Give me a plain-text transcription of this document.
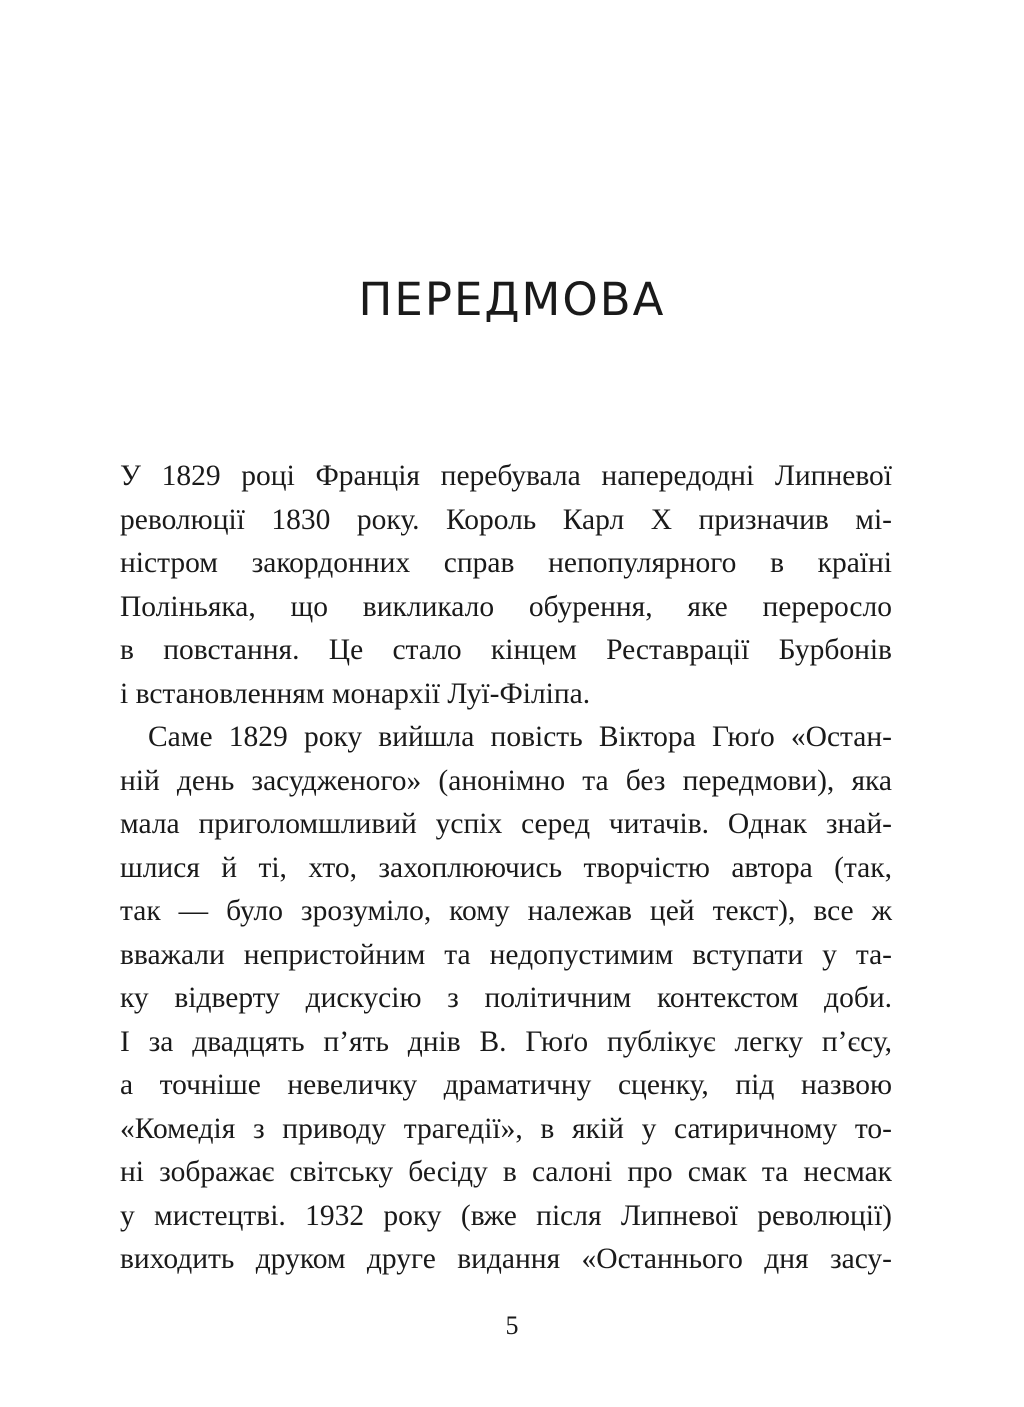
ПЕРЕДМОВА
У 1829 році Франція перебувала напередодні Липневої
революції 1830 року. Король Карл Х призначив мі-
ністром закордонних справ непопулярного в країні
Поліньяка, що викликало обурення, яке переросло
в повстання. Це стало кінцем Реставрації Бурбонів
і встановленням монархії Луї-Філіпа.
Саме 1829 року вийшла повість Віктора Гюґо «Остан-
ній день засудженого» (анонімно та без передмови), яка
мала приголомшливий успіх серед читачів. Однак знай-
шлися й ті, хто, захоплюючись творчістю автора (так,
так — було зрозуміло, кому належав цей текст), все ж
вважали непристойним та недопустимим вступати у та-
ку відверту дискусію з політичним контекстом доби.
І за двадцять п’ять днів В. Гюґо публікує легку п’єсу,
а точніше невеличку драматичну сценку, під назвою
«Комедія з приводу трагедії», в якій у сатиричному то-
ні зображає світську бесіду в салоні про смак та несмак
у мистецтві. 1932 року (вже після Липневої революції)
виходить друком друге видання «Останнього дня засу-
5
